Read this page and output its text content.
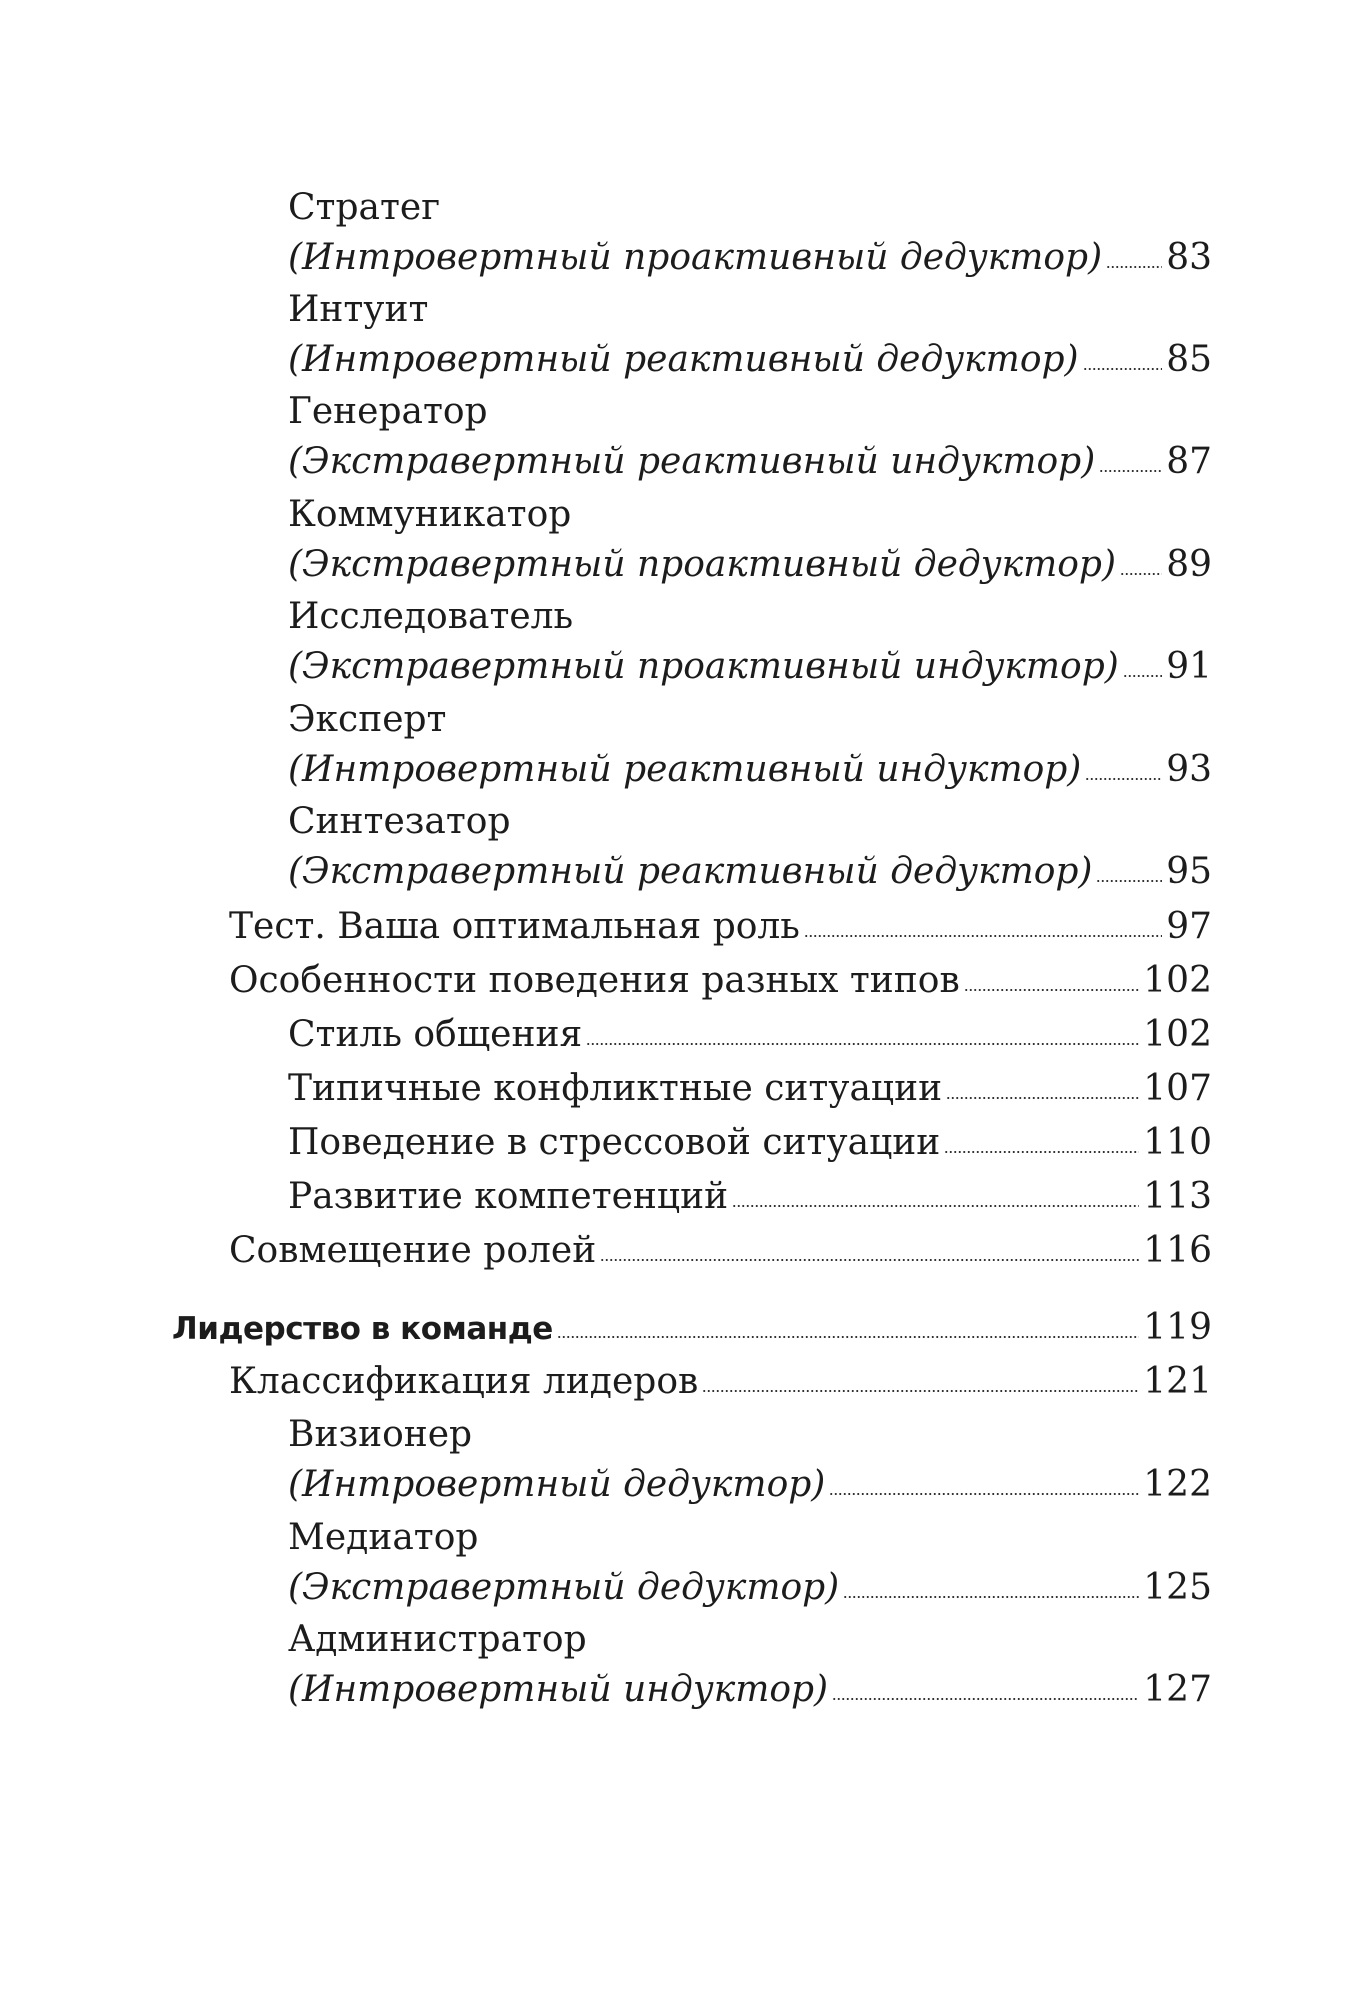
Стратег
(Интровертный проактивный дедуктор) 83
Интуит
(Интровертный реактивный дедуктор) 85
Генератор
(Экстравертный реактивный индуктор) 87
Коммуникатор
(Экстравертный проактивный дедуктор) 89
Исследователь
(Экстравертный проактивный индуктор) 91
Эксперт
(Интровертный реактивный индуктор) 93
Синтезатор
(Экстравертный реактивный дедуктор) 95
Тест. Ваша оптимальная роль	97
Особенности поведения разных типов	102
Стиль общения	102
Типичные конфликтные ситуации	107
Поведение в стрессовой ситуации	110
Развитие компетенций	113
Совмещение ролей	116
Лидерство в команде	119
Классификация лидеров	121
Визионер
(Интровертный дедуктор)	122
Медиатор
(Экстравертный дедуктор)	125
Администратор
(Интровертный индуктор)	127
